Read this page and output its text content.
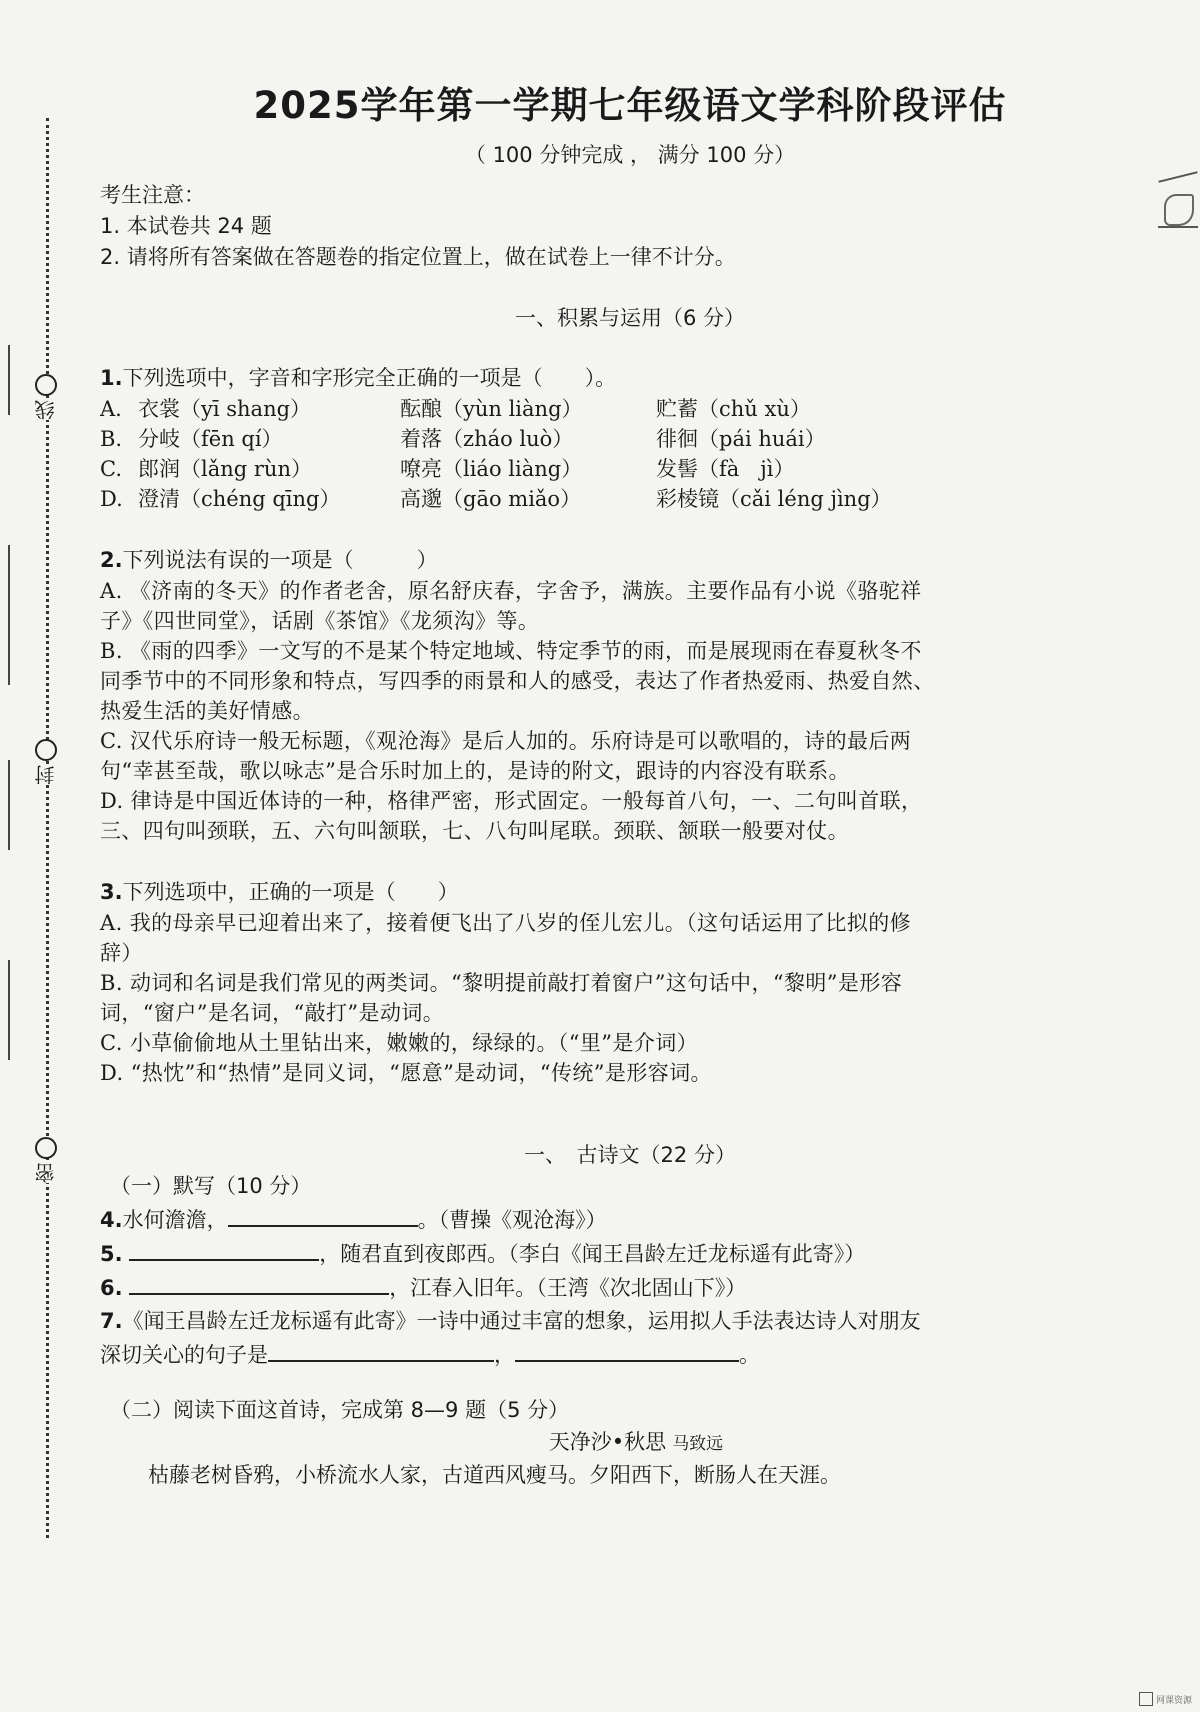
线
封
密
2025学年第一学期七年级语文学科阶段评估
（ 100 分钟完成 ， 满分 100 分）
考生注意：
1. 本试卷共 24 题
2. 请将所有答案做在答题卷的指定位置上，做在试卷上一律不计分。
一、积累与运用（6 分）
1.下列选项中，字音和字形完全正确的一项是（　　）。
A. 衣裳（yī shang）	酝酿（yùn liàng）	贮蓄（chǔ xù）
B. 分岐（fēn qí）	着落（zháo luò）	徘徊（pái huái）
C. 郎润（lǎng rùn）	嘹亮（liáo liàng）	发髻（fà　jì）
D. 澄清（chéng qīng）	高邈（gāo miǎo）	彩棱镜（cǎi léng jìng）
2.下列说法有误的一项是（　　　）
A. 《济南的冬天》的作者老舍，原名舒庆春，字舍予，满族。主要作品有小说《骆驼祥
子》《四世同堂》，话剧《茶馆》《龙须沟》等。
B. 《雨的四季》一文写的不是某个特定地域、特定季节的雨，而是展现雨在春夏秋冬不
同季节中的不同形象和特点，写四季的雨景和人的感受，表达了作者热爱雨、热爱自然、
热爱生活的美好情感。
C. 汉代乐府诗一般无标题，《观沧海》是后人加的。乐府诗是可以歌唱的，诗的最后两
句“幸甚至哉，歌以咏志”是合乐时加上的，是诗的附文，跟诗的内容没有联系。
D. 律诗是中国近体诗的一种，格律严密，形式固定。一般每首八句，一、二句叫首联，
三、四句叫颈联，五、六句叫颔联，七、八句叫尾联。颈联、颔联一般要对仗。
3.下列选项中，正确的一项是（　　）
A. 我的母亲早已迎着出来了，接着便飞出了八岁的侄儿宏儿。（这句话运用了比拟的修
辞）
B. 动词和名词是我们常见的两类词。“黎明提前敲打着窗户”这句话中，“黎明”是形容
词，“窗户”是名词，“敲打”是动词。
C. 小草偷偷地从土里钻出来，嫩嫩的，绿绿的。（“里”是介词）
D. “热忱”和“热情”是同义词，“愿意”是动词，“传统”是形容词。
一、　古诗文（22 分）
（一）默写（10 分）
4.水何澹澹，	。（曹操《观沧海》）
5.	，随君直到夜郎西。（李白《闻王昌龄左迁龙标遥有此寄》）
6.	，江春入旧年。（王湾《次北固山下》）
7.《闻王昌龄左迁龙标遥有此寄》一诗中通过丰富的想象，运用拟人手法表达诗人对朋友
深切关心的句子是	，	。
（二）阅读下面这首诗，完成第 8—9 题（5 分）
天净沙•秋思 马致远
枯藤老树昏鸦，小桥流水人家，古道西风瘦马。夕阳西下，断肠人在天涯。
网课资源
